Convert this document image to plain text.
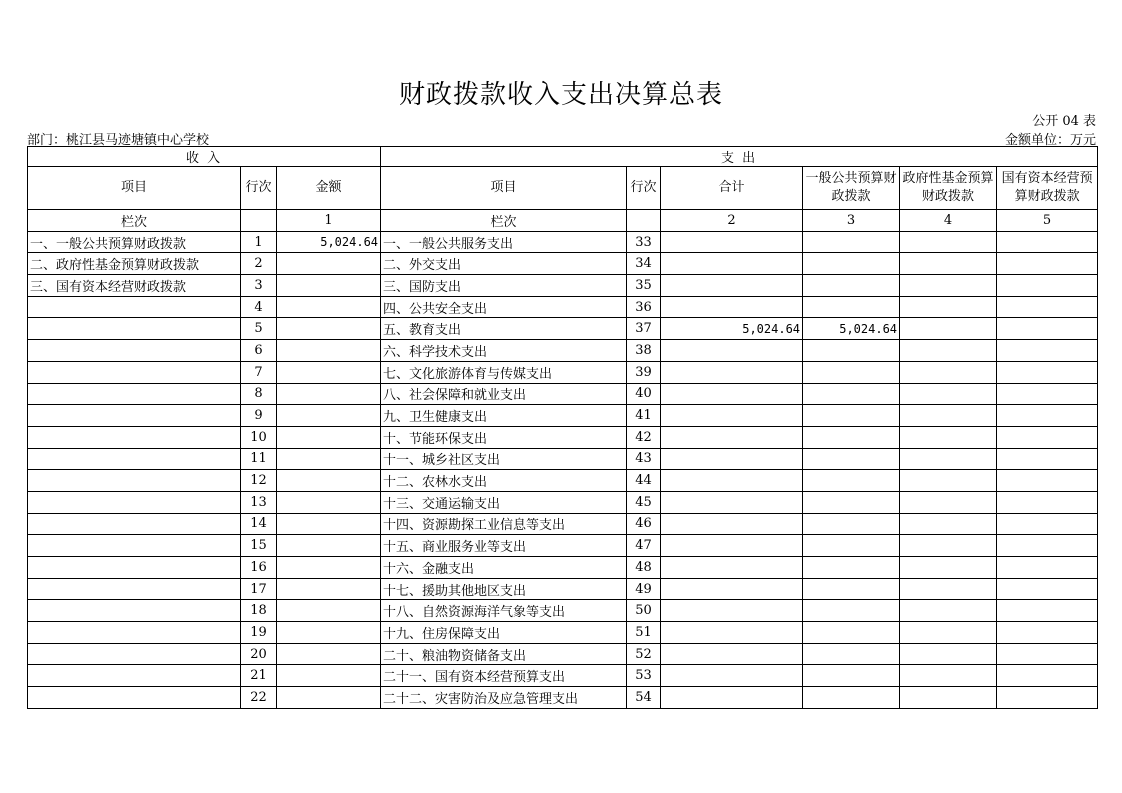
财政拨款收入支出决算总表
公开 04 表
部门：桃江县马迹塘镇中心学校	金额单位：万元
收 入			支 出					
项目	行次	金额	项目	行次	合计	一般公共预算财政拨款	政府性基金预算财政拨款	国有资本经营预算财政拨款
栏次		1	栏次		2	3	4	5
一、一般公共预算财政拨款	1	5,024.64	一、一般公共服务支出	33				
二、政府性基金预算财政拨款	2		二、外交支出	34				
三、国有资本经营财政拨款	3		三、国防支出	35				
	4		四、公共安全支出	36				
	5		五、教育支出	37	5,024.64	5,024.64		
	6		六、科学技术支出	38				
	7		七、文化旅游体育与传媒支出	39				
	8		八、社会保障和就业支出	40				
	9		九、卫生健康支出	41				
	10		十、节能环保支出	42				
	11		十一、城乡社区支出	43				
	12		十二、农林水支出	44				
	13		十三、交通运输支出	45				
	14		十四、资源勘探工业信息等支出	46				
	15		十五、商业服务业等支出	47				
	16		十六、金融支出	48				
	17		十七、援助其他地区支出	49				
	18		十八、自然资源海洋气象等支出	50				
	19		十九、住房保障支出	51				
	20		二十、粮油物资储备支出	52				
	21		二十一、国有资本经营预算支出	53				
	22		二十二、灾害防治及应急管理支出	54				
